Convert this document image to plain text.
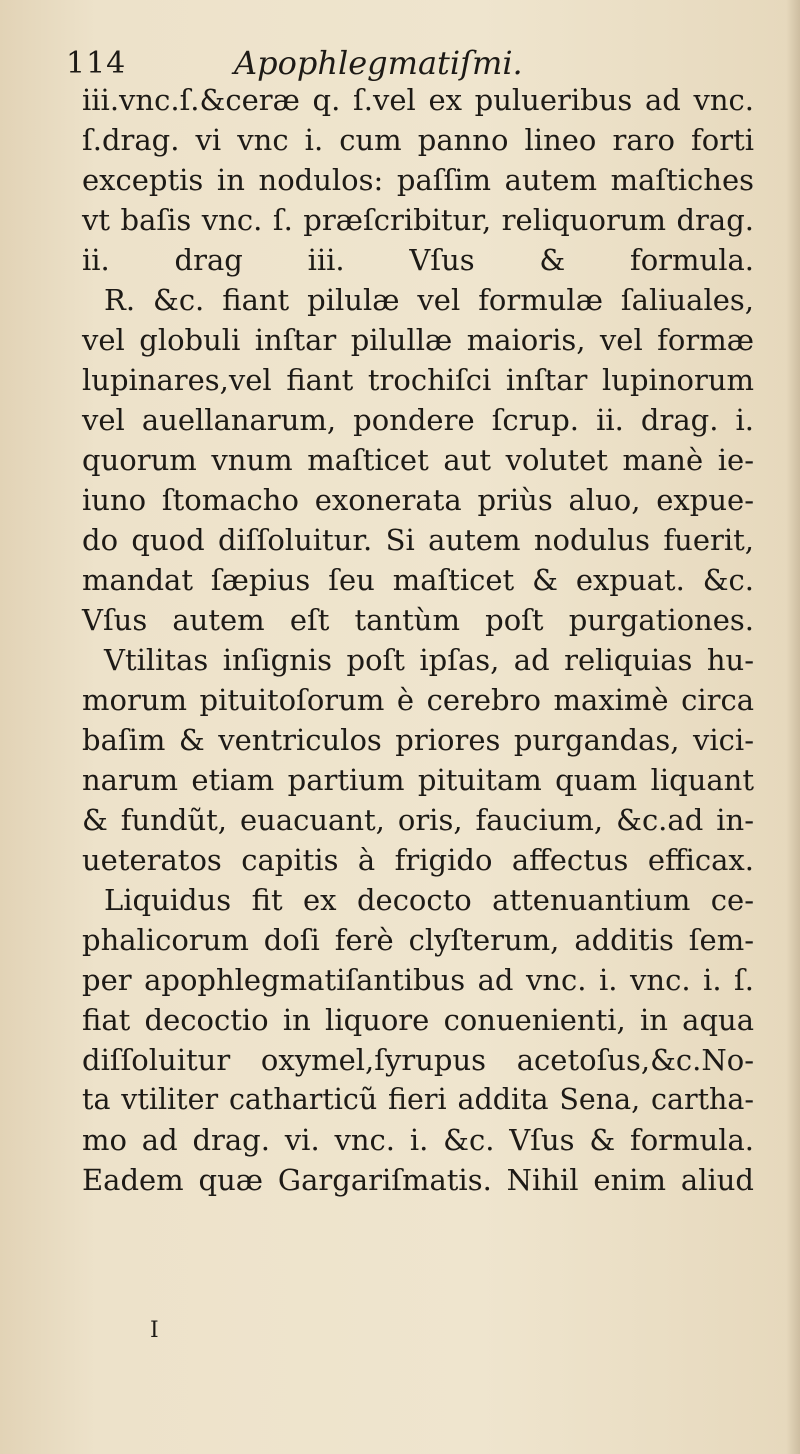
114	Apophlegmatiſmi.
iii.vnc.ſ.&ceræ q. ſ.vel ex pulueribus ad vnc.
ſ.drag. vi vnc i. cum panno lineo raro forti
exceptis in nodulos: paſſim autem maſtiches
vt baſis vnc. ſ. præſcribitur, reliquorum drag.
ii. drag iii. Vſus & formula.
R. &c. fiant pilulæ vel formulæ ſaliuales,
vel globuli inſtar pilullæ maioris, vel formæ
lupinares,vel fiant trochiſci inſtar lupinorum
vel auellanarum, pondere ſcrup. ii. drag. i.
quorum vnum maſticet aut volutet manè ie-
iuno ſtomacho exonerata priùs aluo, expue-
do quod diſſoluitur. Si autem nodulus fuerit,
mandat ſæpius ſeu maſticet & expuat. &c.
Vſus autem eſt tantùm poſt purgationes.
Vtilitas inſignis poſt ipſas, ad reliquias hu-
morum pituitoſorum è cerebro maximè circa
baſim & ventriculos priores purgandas, vici-
narum etiam partium pituitam quam liquant
& fundũt, euacuant, oris, faucium, &c.ad in-
ueteratos capitis à frigido affectus efficax.
Liquidus fit ex decocto attenuantium ce-
phalicorum doſi ferè clyſterum, additis ſem-
per apophlegmatiſantibus ad vnc. i. vnc. i. ſ.
fiat decoctio in liquore conuenienti, in aqua
diſſoluitur oxymel,ſyrupus acetoſus,&c.No-
ta vtiliter catharticũ fieri addita Sena, cartha-
mo ad drag. vi. vnc. i. &c. Vſus & formula.
Eadem quæ Gargariſmatis. Nihil enim aliud
I
